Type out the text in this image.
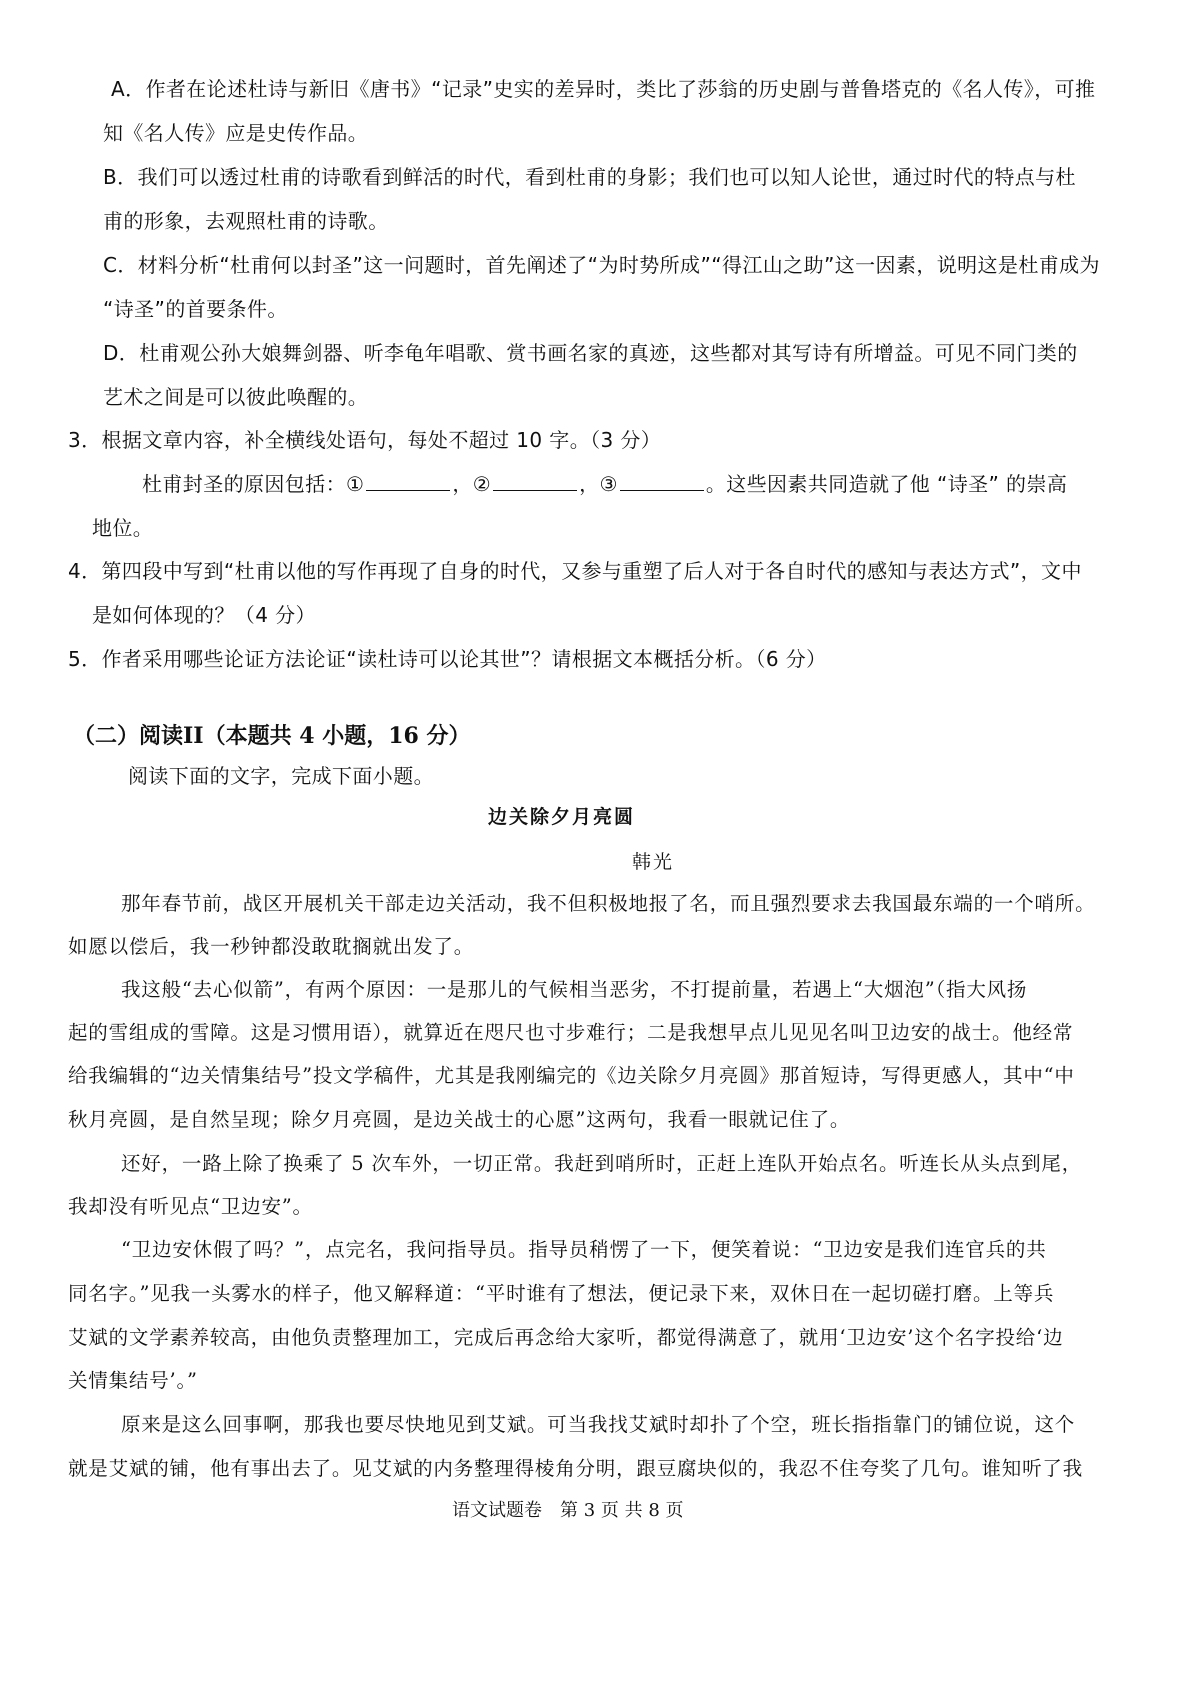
A．作者在论述杜诗与新旧《唐书》“记录”史实的差异时，类比了莎翁的历史剧与普鲁塔克的《名人传》，可推
知《名人传》应是史传作品。
B．我们可以透过杜甫的诗歌看到鲜活的时代，看到杜甫的身影；我们也可以知人论世，通过时代的特点与杜
甫的形象，去观照杜甫的诗歌。
C．材料分析“杜甫何以封圣”这一问题时，首先阐述了“为时势所成”“得江山之助”这一因素，说明这是杜甫成为
“诗圣”的首要条件。
D．杜甫观公孙大娘舞剑器、听李龟年唱歌、赏书画名家的真迹，这些都对其写诗有所增益。可见不同门类的
艺术之间是可以彼此唤醒的。
3．根据文章内容，补全横线处语句，每处不超过 10 字。（3 分）
杜甫封圣的原因包括：①	，②	，③	。这些因素共同造就了他 “诗圣” 的崇高
地位。
4．第四段中写到“杜甫以他的写作再现了自身的时代，又参与重塑了后人对于各自时代的感知与表达方式”，文中
是如何体现的？（4 分）
5．作者采用哪些论证方法论证“读杜诗可以论其世”？请根据文本概括分析。（6 分）
（二）阅读II（本题共 4 小题，16 分）
阅读下面的文字，完成下面小题。
边关除夕月亮圆
韩光
那年春节前，战区开展机关干部走边关活动，我不但积极地报了名，而且强烈要求去我国最东端的一个哨所。
如愿以偿后，我一秒钟都没敢耽搁就出发了。
我这般“去心似箭”，有两个原因：一是那儿的气候相当恶劣，不打提前量，若遇上“大烟泡”（指大风扬
起的雪组成的雪障。这是习惯用语），就算近在咫尺也寸步难行；二是我想早点儿见见名叫卫边安的战士。他经常
给我编辑的“边关情集结号”投文学稿件，尤其是我刚编完的《边关除夕月亮圆》那首短诗，写得更感人，其中“中
秋月亮圆，是自然呈现；除夕月亮圆，是边关战士的心愿”这两句，我看一眼就记住了。
还好，一路上除了换乘了 5 次车外，一切正常。我赶到哨所时，正赶上连队开始点名。听连长从头点到尾，
我却没有听见点“卫边安”。
“卫边安休假了吗？”，点完名，我问指导员。指导员稍愣了一下，便笑着说：“卫边安是我们连官兵的共
同名字。”见我一头雾水的样子，他又解释道：“平时谁有了想法，便记录下来，双休日在一起切磋打磨。上等兵
艾斌的文学素养较高，由他负责整理加工，完成后再念给大家听，都觉得满意了，就用‘卫边安’这个名字投给‘边
关情集结号’。”
原来是这么回事啊，那我也要尽快地见到艾斌。可当我找艾斌时却扑了个空，班长指指靠门的铺位说，这个
就是艾斌的铺，他有事出去了。见艾斌的内务整理得棱角分明，跟豆腐块似的，我忍不住夸奖了几句。谁知听了我
语文试题卷　第 3 页 共 8 页
